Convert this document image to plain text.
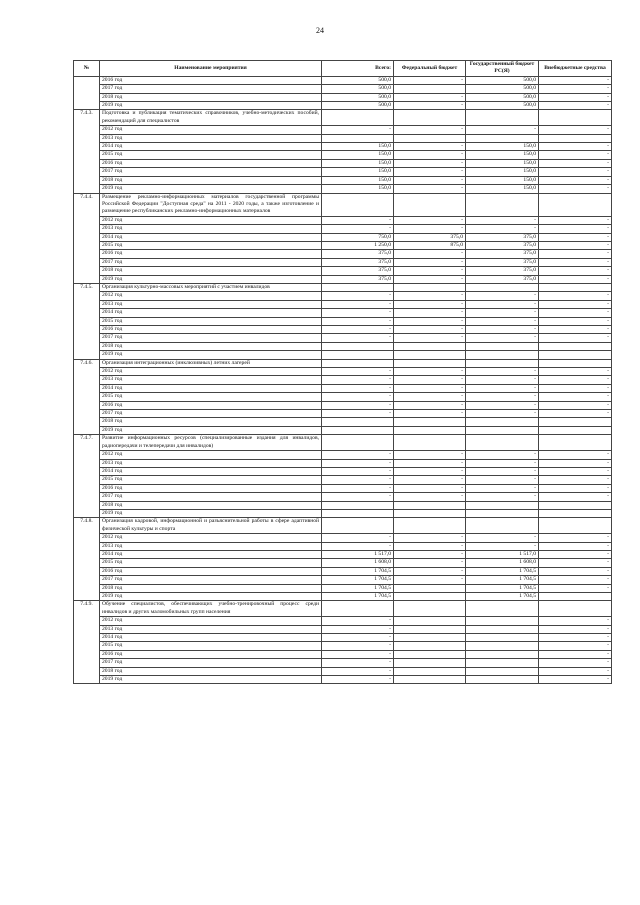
24
№	Наименование мероприятия	Всего:	Федеральный бюджет	Государственный бюджет РС(Я)	Внебюджетные средства
	2016 год	500,0	-	500,0	-
	2017 год	500,0		500,0	-
	2018 год	500,0	-	500,0	-
	2019 год	500,0	-	500,0	-
7.4.3.	Подготовка и публикация тематических справочников, учебно-методических пособий, рекомендаций для специалистов				
	2012 год	-	-	-	-
	2013 год				
	2014 год	150,0	-	150,0	-
	2015 год	150,0	-	150,0	-
	2016 год	150,0	-	150,0	-
	2017 год	150,0	-	150,0	-
	2018 год	150,0	-	150,0	-
	2019 год	150,0	-	150,0	-
7.4.4.	Размещение рекламно-информационных материалов государственной программы Российской Федерации "Доступная среда" на 2011 - 2020 годы, а также изготовление и размещение республиканских рекламно-информационных материалов				
	2012 год	-	-	-	-
	2013 год	-	-	-	-
	2014 год	750,0	375,0	375,0	-
	2015 год	1 250,0	875,0	375,0	-
	2016 год	375,0	-	375,0	-
	2017 год	375,0	-	375,0	-
	2018 год	375,0	-	375,0	-
	2019 год	375,0	-	375,0	-
7.4.5.	Организация культурно-массовых мероприятий с участием инвалидов				
	2012 год	-	-	-	-
	2013 год	-	-	-	-
	2014 год	-	-	-	-
	2015 год	-	-	-	-
	2016 год	-	-	-	-
	2017 год	-	-	-	-
	2018 год				
	2019 год				
7.4.6.	Организация интеграционных (инклюзивных) летних лагерей				
	2012 год	-	-	-	-
	2013 год	-	-	-	-
	2014 год	-	-	-	-
	2015 год	-	-	-	-
	2016 год	-	-	-	-
	2017 год	-	-	-	-
	2018 год				
	2019 год				
7.4.7.	Развитие информационных ресурсов (специализированные издания для инвалидов, радиопередачи и телепередачи для инвалидов)				
	2012 год	-	-	-	-
	2013 год	-	-	-	-
	2014 год	-	-	-	-
	2015 год	-	-	-	-
	2016 год	-	-	-	-
	2017 год	-	-	-	-
	2018 год				
	2019 год				
7.4.8.	Организация кадровой, информационной и разъяснительной работы в сфере адаптивной физической культуры и спорта				
	2012 год	-	-	-	-
	2013 год	-	-	-	-
	2014 год	1 517,0	-	1 517,0	-
	2015 год	1 608,0	-	1 608,0	-
	2016 год	1 704,5	-	1 704,5	-
	2017 год	1 704,5	-	1 704,5	-
	2018 год	1 704,5		1 704,5	-
	2019 год	1 704,5		1 704,5	
7.4.9.	Обучение специалистов, обеспечивающих учебно-тренировочный процесс среди инвалидов и других маломобильных групп населения				
	2012 год	-			-
	2013 год	-			-
	2014 год	-			-
	2015 год	-			-
	2016 год	-			-
	2017 год	-			-
	2018 год	-			-
	2019 год	-			-
